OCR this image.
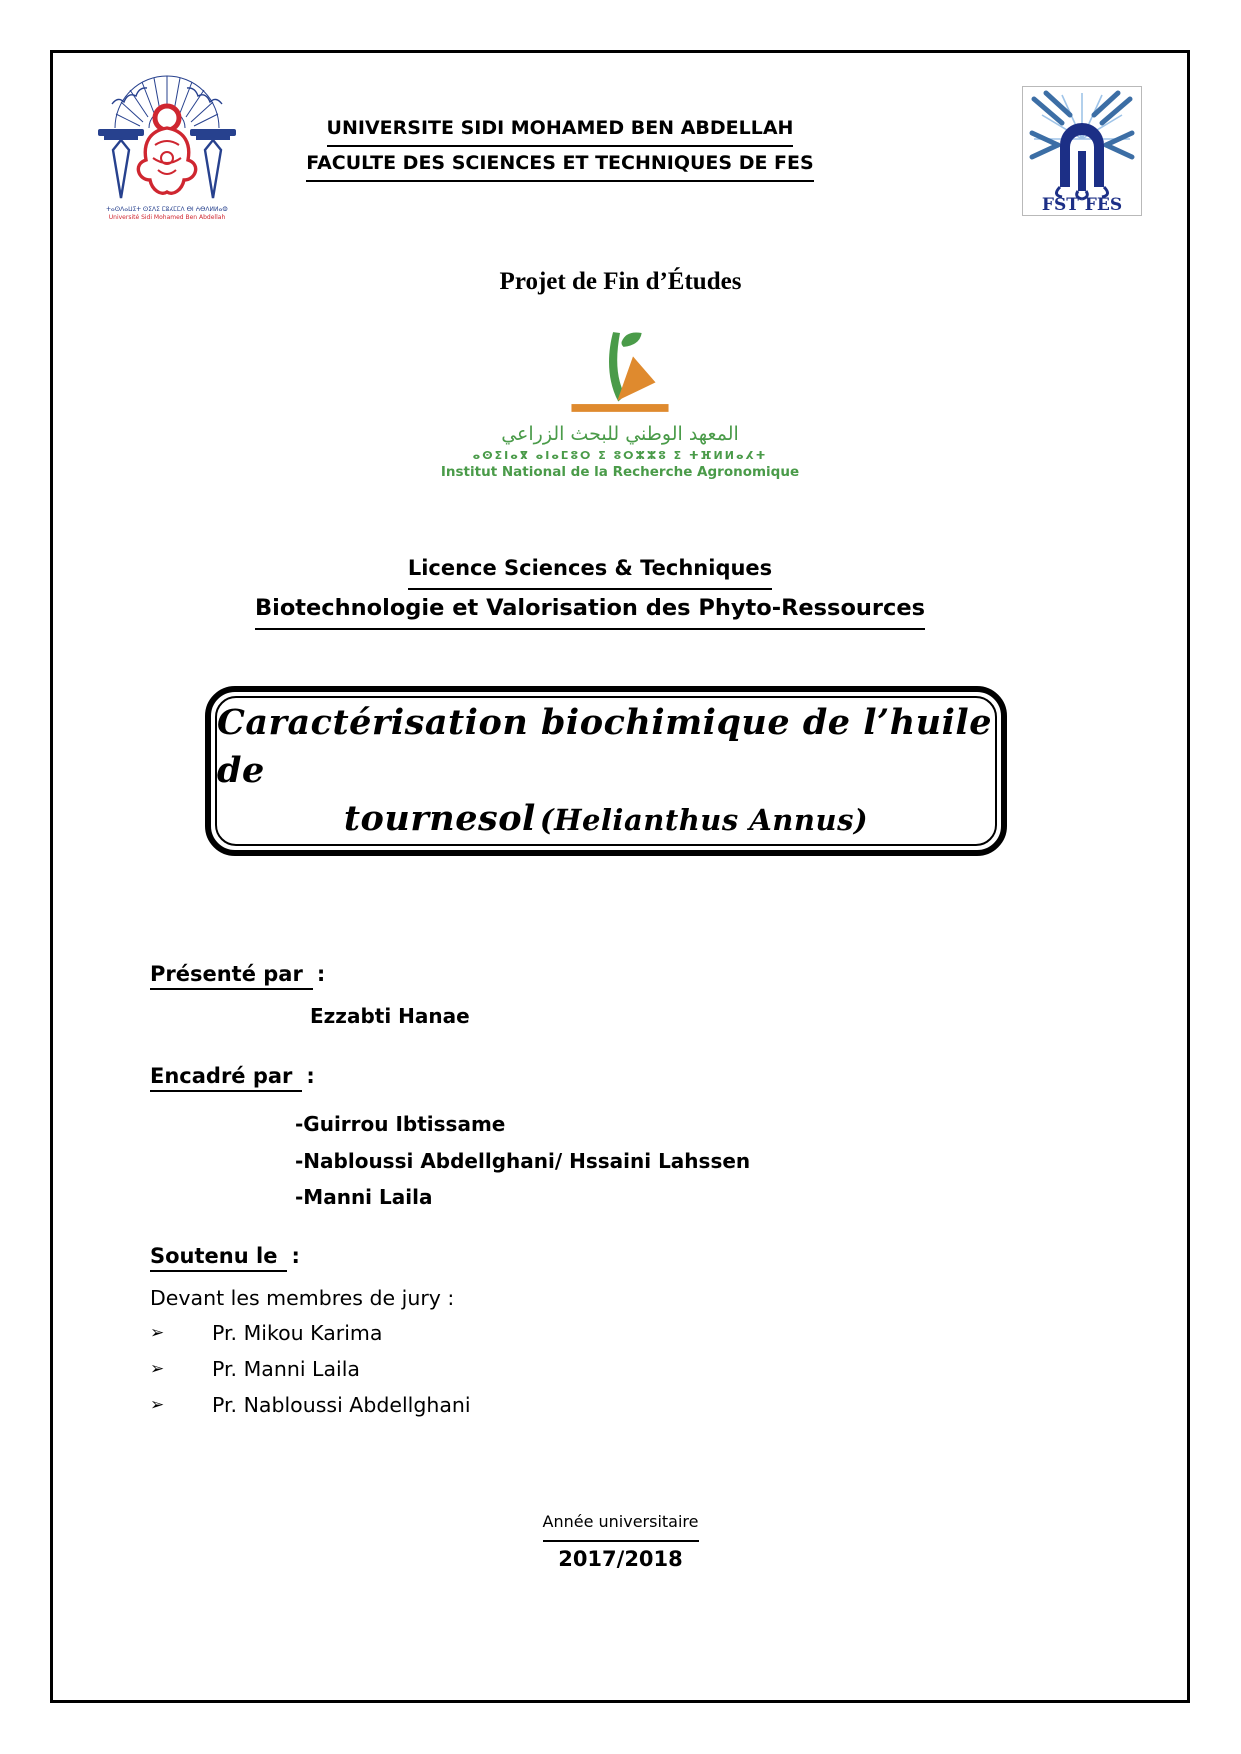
ⵜⴰⵙⴷⴰⵡⵉⵜ ⵙⵉⴷⵉ ⵎⵓⵃⵎⵎⴷ ⴱⵏ ⵄⴱⴷⵍⵍⴰⵀ
Université Sidi Mohamed Ben Abdellah
UNIVERSITE SIDI MOHAMED BEN ABDELLAH
FACULTE DES SCIENCES ET TECHNIQUES DE FES
FST FES
Projet de Fin d’Études
المعهد الوطني للبحث الزراعي
ⴰⵙⵉⵏⴰⴳ ⴰⵏⴰⵎⵓⵔ ⵉ ⵓⵔⵣⵣⵓ ⵉ ⵜⴼⵍⵍⴰⵃⵜ
Institut National de la Recherche Agronomique
Licence Sciences & Techniques
Biotechnologie et Valorisation des Phyto-Ressources
Caractérisation biochimique de l’huile de
tournesol (Helianthus Annus)
Présenté par :
Ezzabti Hanae
Encadré par :
-Guirrou Ibtissame
-Nabloussi Abdellghani/ Hssaini Lahssen
-Manni Laila
Soutenu le :
Devant les membres de jury :
➢	Pr. Mikou Karima
➢	Pr. Manni Laila
➢	Pr. Nabloussi Abdellghani
Année universitaire
2017/2018
